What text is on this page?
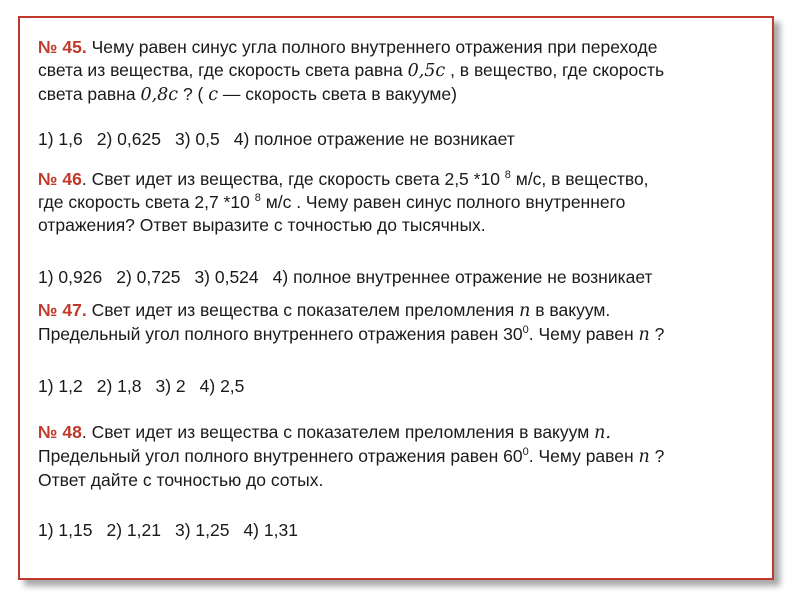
№ 45. Чему равен синус угла полного внутреннего отражения при переходе
света из вещества, где скорость света равна 0,5c , в вещество, где скорость
света равна 0,8c ? ( c — скорость света в вакууме)
1) 1,6 2) 0,625 3) 0,5 4) полное отражение не возникает
№ 46. Свет идет из вещества, где скорость света 2,5 *10 $^8$ м/с, в вещество,
где скорость света 2,7 *10 $^8$ м/с . Чему равен синус полного внутреннего
отражения? Ответ выразите с точностью до тысячных.
1) 0,926 2) 0,725 3) 0,524 4) полное внутреннее отражение не возникает
№ 47. Свет идет из вещества с показателем преломления n в вакуум.
Предельный угол полного внутреннего отражения равен $30^0$. Чему равен n ?
1) 1,2 2) 1,8 3) 2 4) 2,5
№ 48. Свет идет из вещества с показателем преломления в вакуум n.
Предельный угол полного внутреннего отражения равен $60^0$. Чему равен n ?
Ответ дайте с точностью до сотых.
1) 1,15 2) 1,21 3) 1,25 4) 1,31
